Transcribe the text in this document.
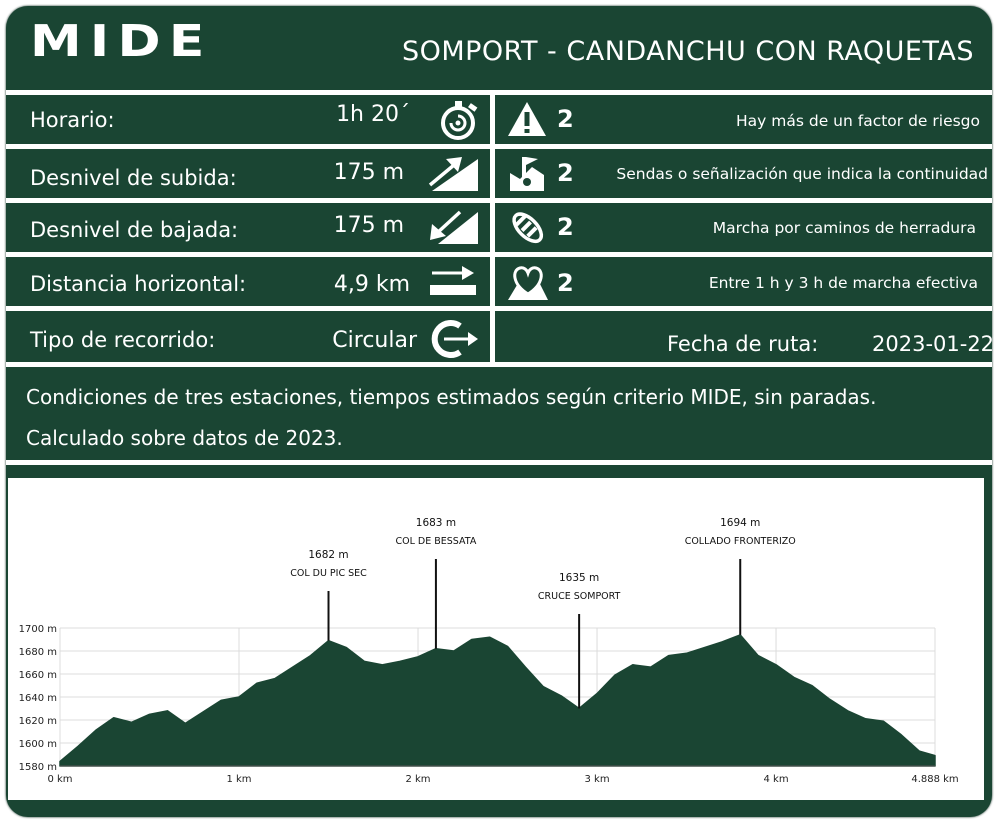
MIDE	SOMPORT - CANDANCHU CON RAQUETAS
Horario:	1h 20´
Desnivel de subida:	175 m
Desnivel de bajada:	175 m
Distancia horizontal:	4,9 km
Tipo de recorrido:	Circular
2	Hay más de un factor de riesgo
2	Sendas o señalización que indica la continuidad
2	Marcha por caminos de herradura
2	Entre 1 h y 3 h de marcha efectiva
Fecha de ruta:	2023-01-22
Condiciones de tres estaciones, tiempos estimados según criterio MIDE, sin paradas.
Calculado sobre datos de 2023.
1580 m
1600 m
1620 m
1640 m
1660 m
1680 m
1700 m
0 km	1 km	2 km	3 km	4 km	4.888 km
1682 m
COL DU PIC SEC
1683 m
COL DE BESSATA
1635 m
CRUCE SOMPORT
1694 m
COLLADO FRONTERIZO
